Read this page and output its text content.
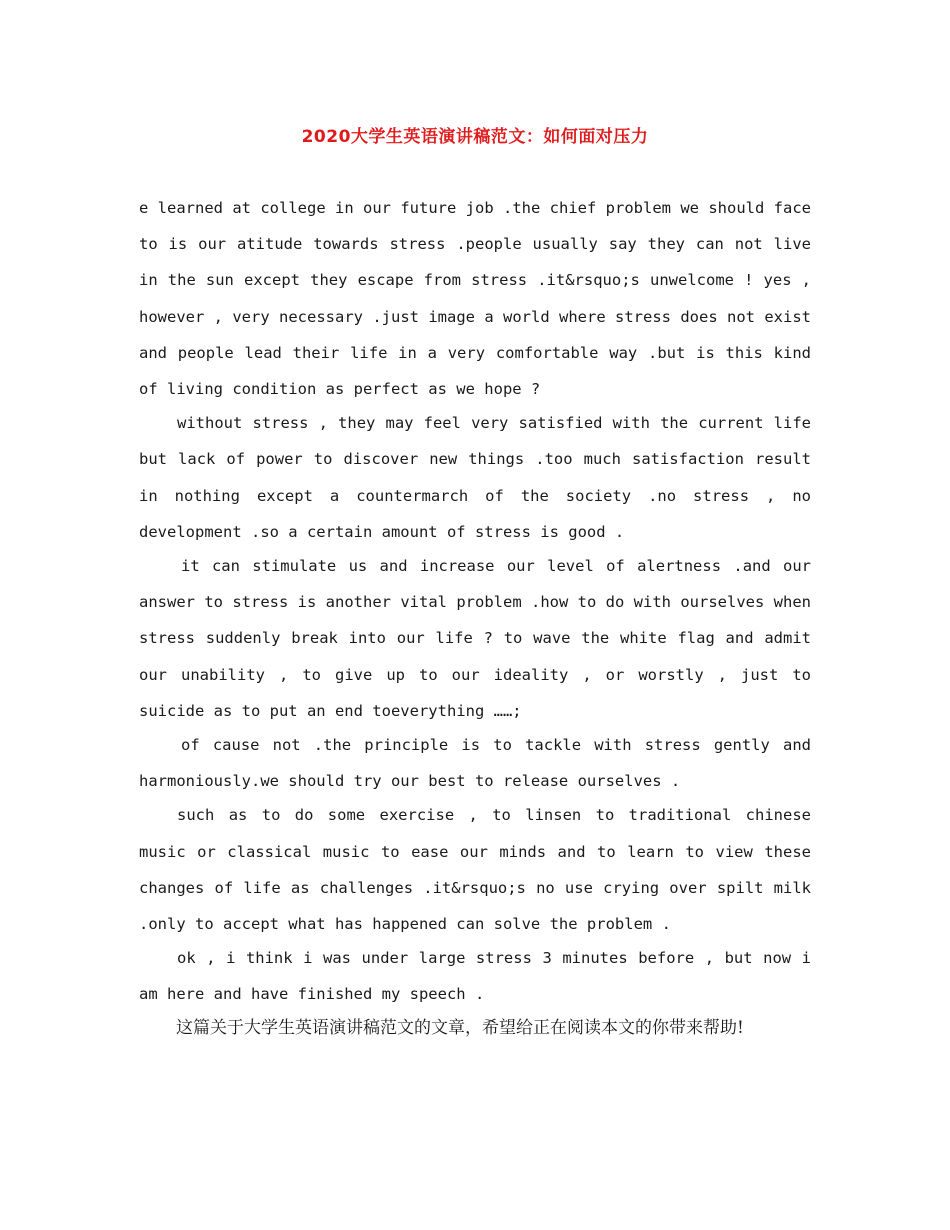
2020大学生英语演讲稿范文：如何面对压力

e learned at college in our future job .the chief problem we should face to is our atitude towards stress .people usually say they can not live in the sun except they escape from stress .it&rsquo;s unwelcome ! yes , however , very necessary .just image a world where stress does not exist and people lead their life in a very comfortable way .but is this kind of living condition as perfect as we hope ?

without stress , they may feel very satisfied with the current life but lack of power to discover new things .too much satisfaction result in nothing except a countermarch of the society .no stress , no development .so a certain amount of stress is good .

it can stimulate us and increase our level of alertness .and our answer to stress is another vital problem .how to do with ourselves when stress suddenly break into our life ? to wave the white flag and admit our unability , to give up to our ideality , or worstly , just to suicide as to put an end toeverything ……;

of cause not .the principle is to tackle with stress gently and harmoniously.we should try our best to release ourselves .

such as to do some exercise , to linsen to traditional chinese music or classical music to ease our minds and to learn to view these changes of life as challenges .it&rsquo;s no use crying over spilt milk .only to accept what has happened can solve the problem .

ok , i think i was under large stress 3 minutes before , but now i am here and have finished my speech .

这篇关于大学生英语演讲稿范文的文章，希望给正在阅读本文的你带来帮助!
